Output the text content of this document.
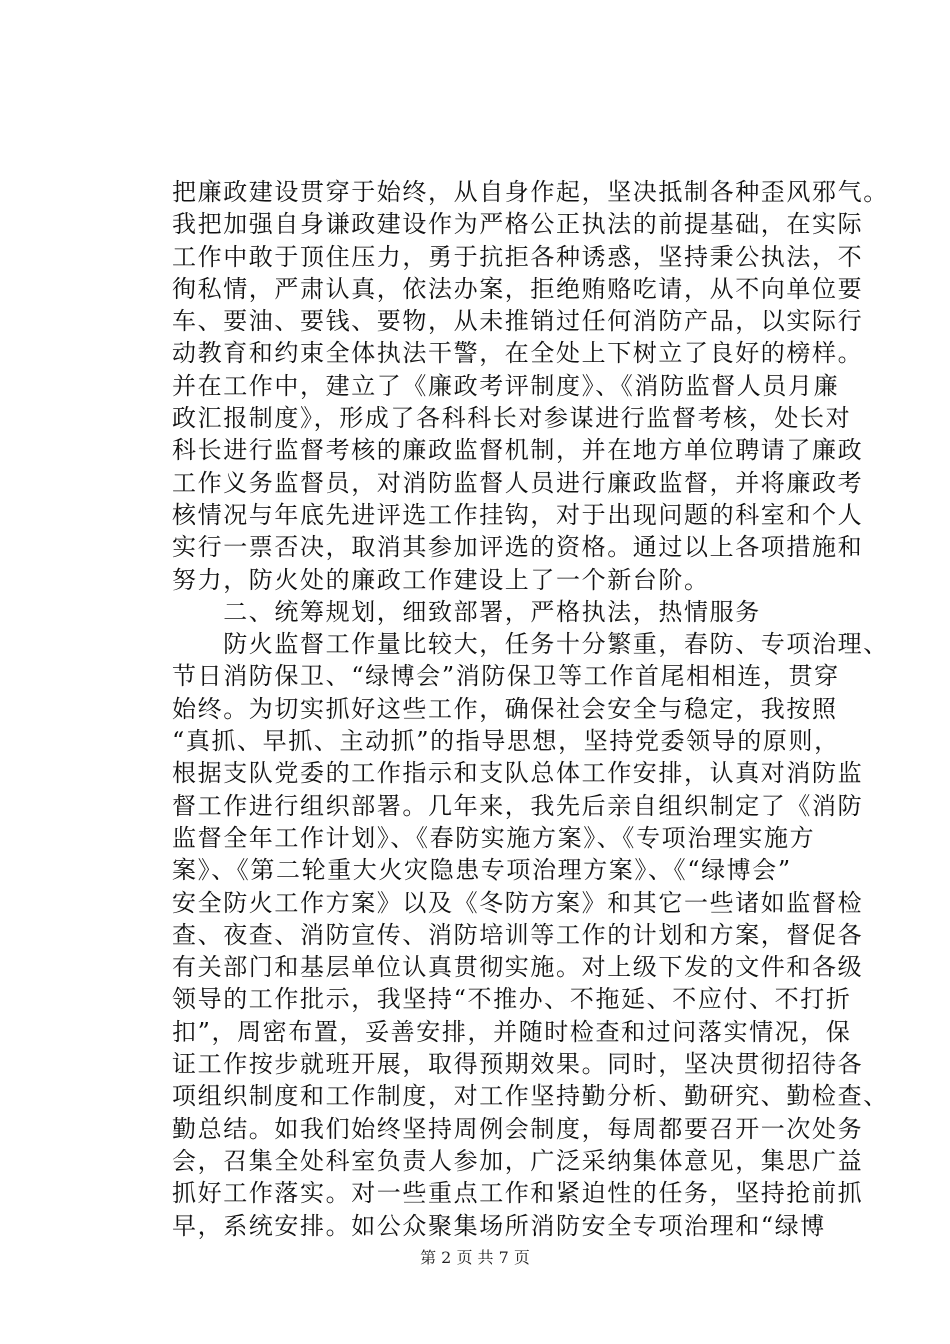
把廉政建设贯穿于始终，从自身作起，坚决抵制各种歪风邪气。
我把加强自身谦政建设作为严格公正执法的前提基础，在实际
工作中敢于顶住压力，勇于抗拒各种诱惑，坚持秉公执法，不
徇私情，严肃认真，依法办案，拒绝贿赂吃请，从不向单位要
车、要油、要钱、要物，从未推销过任何消防产品，以实际行
动教育和约束全体执法干警，在全处上下树立了良好的榜样。
并在工作中，建立了《廉政考评制度》、《消防监督人员月廉
政汇报制度》，形成了各科科长对参谋进行监督考核，处长对
科长进行监督考核的廉政监督机制，并在地方单位聘请了廉政
工作义务监督员，对消防监督人员进行廉政监督，并将廉政考
核情况与年底先进评选工作挂钩，对于出现问题的科室和个人
实行一票否决，取消其参加评选的资格。通过以上各项措施和
努力，防火处的廉政工作建设上了一个新台阶。
　　二、统筹规划，细致部署，严格执法，热情服务
　　防火监督工作量比较大，任务十分繁重，春防、专项治理、
节日消防保卫、“绿博会”消防保卫等工作首尾相相连，贯穿
始终。为切实抓好这些工作，确保社会安全与稳定，我按照
“真抓、早抓、主动抓”的指导思想，坚持党委领导的原则，
根据支队党委的工作指示和支队总体工作安排，认真对消防监
督工作进行组织部署。几年来，我先后亲自组织制定了《消防
监督全年工作计划》、《春防实施方案》、《专项治理实施方
案》、《第二轮重大火灾隐患专项治理方案》、《“绿博会”
安全防火工作方案》以及《冬防方案》和其它一些诸如监督检
查、夜查、消防宣传、消防培训等工作的计划和方案，督促各
有关部门和基层单位认真贯彻实施。对上级下发的文件和各级
领导的工作批示，我坚持“不推办、不拖延、不应付、不打折
扣”，周密布置，妥善安排，并随时检查和过问落实情况，保
证工作按步就班开展，取得预期效果。同时，坚决贯彻招待各
项组织制度和工作制度，对工作坚持勤分析、勤研究、勤检查、
勤总结。如我们始终坚持周例会制度，每周都要召开一次处务
会，召集全处科室负责人参加，广泛采纳集体意见，集思广益
抓好工作落实。对一些重点工作和紧迫性的任务，坚持抢前抓
早，系统安排。如公众聚集场所消防安全专项治理和“绿博
第 2 页 共 7 页
